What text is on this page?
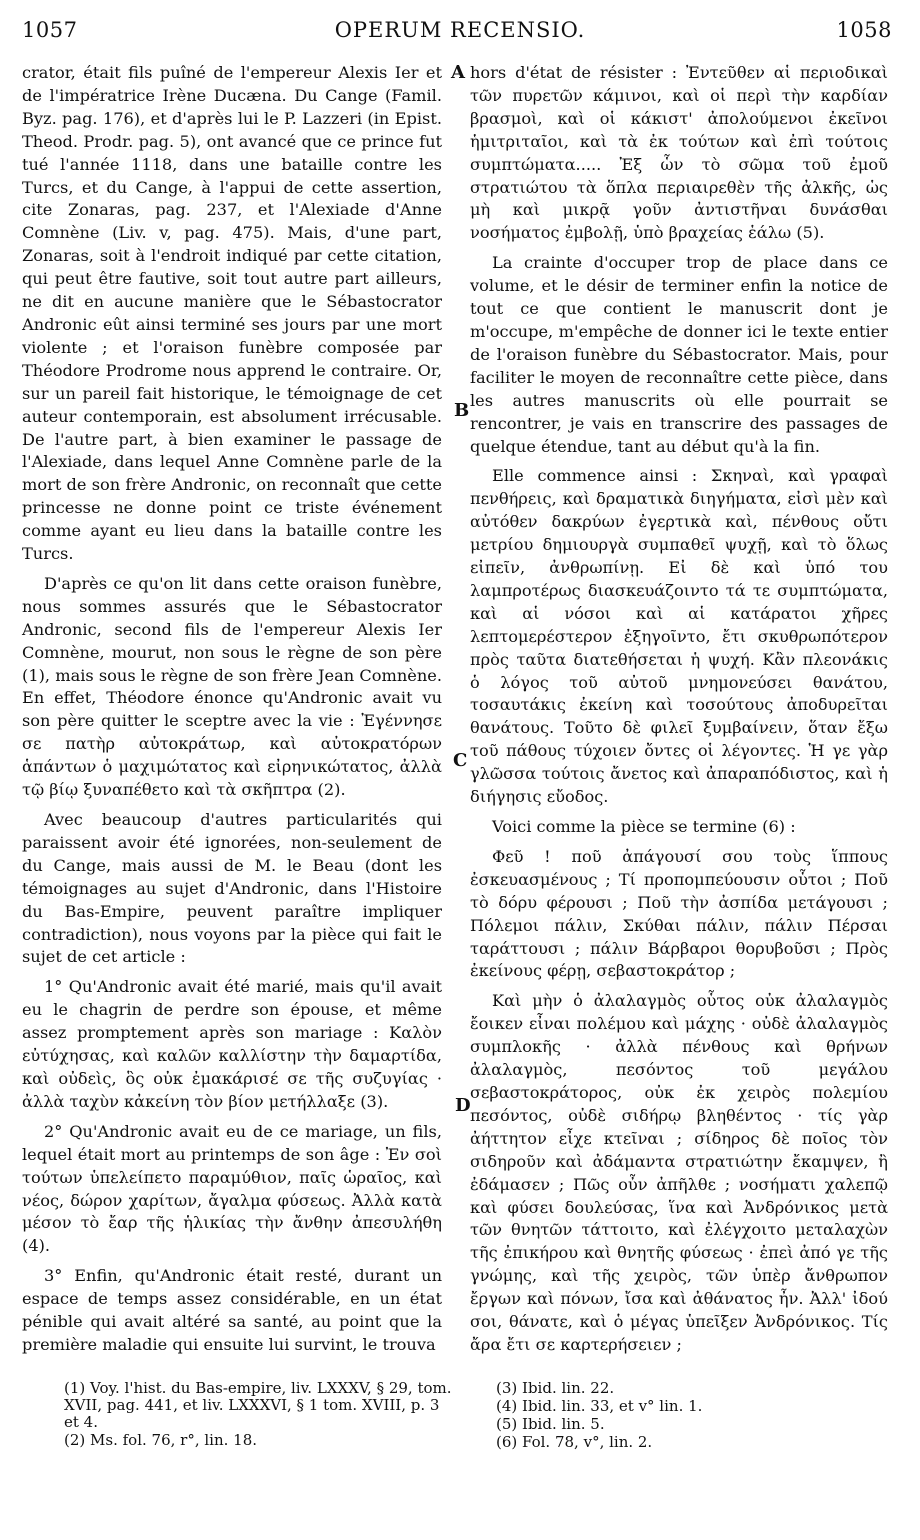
1057	OPERUM RECENSIO.	1058

crator, était fils puîné de l'empereur Alexis Ier et de l'impératrice Irène Ducæna. Du Cange (Famil. Byz. pag. 176), et d'après lui le P. Lazzeri (in Epist. Theod. Prodr. pag. 5), ont avancé que ce prince fut tué l'année 1118, dans une bataille contre les Turcs, et du Cange, à l'appui de cette assertion, cite Zonaras, pag. 237, et l'Alexiade d'Anne Comnène (Liv. v, pag. 475). Mais, d'une part, Zonaras, soit à l'endroit indiqué par cette citation, qui peut être fautive, soit tout autre part ailleurs, ne dit en aucune manière que le Sébastocrator Andronic eût ainsi terminé ses jours par une mort violente ; et l'oraison funèbre composée par Théodore Prodrome nous apprend le contraire. Or, sur un pareil fait historique, le témoignage de cet auteur contemporain, est absolument irrécusable. De l'autre part, à bien examiner le passage de l'Alexiade, dans lequel Anne Comnène parle de la mort de son frère Andronic, on reconnaît que cette princesse ne donne point ce triste événement comme ayant eu lieu dans la bataille contre les Turcs.

D'après ce qu'on lit dans cette oraison funèbre, nous sommes assurés que le Sébastocrator Andronic, second fils de l'empereur Alexis Ier Comnène, mourut, non sous le règne de son père (1), mais sous le règne de son frère Jean Comnène. En effet, Théodore énonce qu'Andronic avait vu son père quitter le sceptre avec la vie : Ἐγέννησε σε πατὴρ αὐτοκράτωρ, καὶ αὐτοκρατόρων ἁπάντων ὁ μαχιμώτατος καὶ εἰρηνικώτατος, ἀλλὰ τῷ βίῳ ξυναπέθετο καὶ τὰ σκῆπτρα (2).

Avec beaucoup d'autres particularités qui paraissent avoir été ignorées, non-seulement de du Cange, mais aussi de M. le Beau (dont les témoignages au sujet d'Andronic, dans l'Histoire du Bas-Empire, peuvent paraître impliquer contradiction), nous voyons par la pièce qui fait le sujet de cet article :

1° Qu'Andronic avait été marié, mais qu'il avait eu le chagrin de perdre son épouse, et même assez promptement après son mariage : Καλὸν εὐτύχησας, καὶ καλῶν καλλίστην τὴν δαμαρτίδα, καὶ οὐδεὶς, ὃς οὐκ ἐμακάρισέ σε τῆς συζυγίας · ἀλλὰ ταχὺν κἀκείνη τὸν βίον μετήλλαξε (3).

2° Qu'Andronic avait eu de ce mariage, un fils, lequel était mort au printemps de son âge : Ἐν σοὶ τούτων ὑπελείπετο παραμύθιον, παῖς ὡραῖος, καὶ νέος, δώρον χαρίτων, ἄγαλμα φύσεως. Ἀλλὰ κατὰ μέσον τὸ ἔαρ τῆς ἡλικίας τὴν ἄνθην ἀπεσυλήθη (4).

3° Enfin, qu'Andronic était resté, durant un espace de temps assez considérable, en un état pénible qui avait altéré sa santé, au point que la première maladie qui ensuite lui survint, le trouva

A
B
C
D

hors d'état de résister : Ἐντεῦθεν αἱ περιοδικαὶ τῶν πυρετῶν κάμινοι, καὶ οἱ περὶ τὴν καρδίαν βρασμοὶ, καὶ οἱ κάκιστ' ἀπολούμενοι ἐκεῖνοι ἡμιτριταῖοι, καὶ τὰ ἐκ τούτων καὶ ἐπὶ τούτοις συμπτώματα..... Ἐξ ὧν τὸ σῶμα τοῦ ἐμοῦ στρατιώτου τὰ ὅπλα περιαιρεθὲν τῆς ἀλκῆς, ὡς μὴ καὶ μικρᾷ γοῦν ἀντιστῆναι δυνάσθαι νοσήματος ἐμβολῇ, ὑπὸ βραχείας ἑάλω (5).

La crainte d'occuper trop de place dans ce volume, et le désir de terminer enfin la notice de tout ce que contient le manuscrit dont je m'occupe, m'empêche de donner ici le texte entier de l'oraison funèbre du Sébastocrator. Mais, pour faciliter le moyen de reconnaître cette pièce, dans les autres manuscrits où elle pourrait se rencontrer, je vais en transcrire des passages de quelque étendue, tant au début qu'à la fin.

Elle commence ainsi : Σκηναὶ, καὶ γραφαὶ πενθήρεις, καὶ δραματικὰ διηγήματα, εἰσὶ μὲν καὶ αὐτόθεν δακρύων ἐγερτικὰ καὶ, πένθους οὔτι μετρίου δημιουργὰ συμπαθεῖ ψυχῇ, καὶ τὸ ὅλως εἰπεῖν, ἀνθρωπίνῃ. Εἰ δὲ καὶ ὑπό του λαμπροτέρως διασκευάζοιντο τά τε συμπτώματα, καὶ αἱ νόσοι καὶ αἱ κατάρατοι χῆρες λεπτομερέστερον ἐξηγοῖντο, ἔτι σκυθρωπότερον πρὸς ταῦτα διατεθήσεται ἡ ψυχή. Κἂν πλεονάκις ὁ λόγος τοῦ αὐτοῦ μνημονεύσει θανάτου, τοσαυτάκις ἐκείνη καὶ τοσούτους ἀποδυρεῖται θανάτους. Τοῦτο δὲ φιλεῖ ξυμβαίνειν, ὅταν ἔξω τοῦ πάθους τύχοιεν ὄντες οἱ λέγοντες. Ἡ γε γὰρ γλῶσσα τούτοις ἄνετος καὶ ἀπαραπόδιστος, καὶ ἡ διήγησις εὔοδος.

Voici comme la pièce se termine (6) :

Φεῦ ! ποῦ ἀπάγουσί σου τοὺς ἵππους ἐσκευασμένους ; Τί προπομπεύουσιν οὗτοι ; Ποῦ τὸ δόρυ φέρουσι ; Ποῦ τὴν ἀσπίδα μετάγουσι ; Πόλεμοι πάλιν, Σκύθαι πάλιν, πάλιν Πέρσαι ταράττουσι ; πάλιν Βάρβαροι θορυβοῦσι ; Πρὸς ἐκείνους φέρῃ, σεβαστοκράτορ ;

Καὶ μὴν ὁ ἀλαλαγμὸς οὗτος οὐκ ἀλαλαγμὸς ἔοικεν εἶναι πολέμου καὶ μάχης · οὐδὲ ἀλαλαγμὸς συμπλοκῆς · ἀλλὰ πένθους καὶ θρήνων ἀλαλαγμὸς, πεσόντος τοῦ μεγάλου σεβαστοκράτορος, οὐκ ἐκ χειρὸς πολεμίου πεσόντος, οὐδὲ σιδήρῳ βληθέντος · τίς γὰρ ἀήττητον εἶχε κτεῖναι ; σίδηρος δὲ ποῖος τὸν σιδηροῦν καὶ ἀδάμαντα στρατιώτην ἔκαμψεν, ἢ ἐδάμασεν ; Πῶς οὖν ἀπῆλθε ; νοσήματι χαλεπῷ καὶ φύσει δουλεύσας, ἵνα καὶ Ἀνδρόνικος μετὰ τῶν θνητῶν τάττοιτο, καὶ ἐλέγχοιτο μεταλαχὼν τῆς ἐπικήρου καὶ θνητῆς φύσεως · ἐπεὶ ἀπό γε τῆς γνώμης, καὶ τῆς χειρὸς, τῶν ὑπὲρ ἄνθρωπον ἔργων καὶ πόνων, ἴσα καὶ ἀθάνατος ἦν. Ἀλλ' ἰδού σοι, θάνατε, καὶ ὁ μέγας ὑπεῖξεν Ἀνδρόνικος. Τίς ἄρα ἔτι σε καρτερήσειεν ;

(1) Voy. l'hist. du Bas-empire, liv. LXXXV, § 29, tom. XVII, pag. 441, et liv. LXXXVI, § 1 tom. XVIII, p. 3 et 4.
(2) Ms. fol. 76, r°, lin. 18.
(3) Ibid. lin. 22.
(4) Ibid. lin. 33, et v° lin. 1.
(5) Ibid. lin. 5.
(6) Fol. 78, v°, lin. 2.
